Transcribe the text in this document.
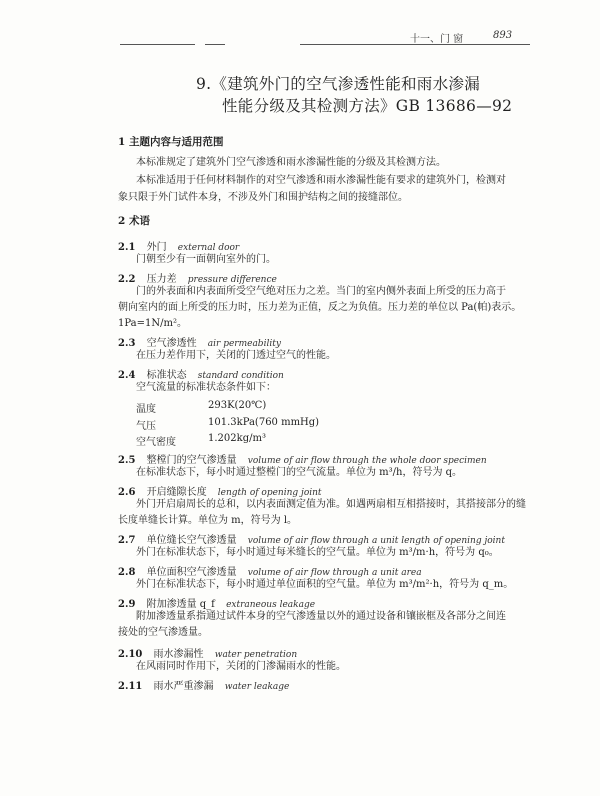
十一、门 窗	893
9.《建筑外门的空气渗透性能和雨水渗漏
性能分级及其检测方法》GB 13686—92
1 主题内容与适用范围
本标准规定了建筑外门空气渗透和雨水渗漏性能的分级及其检测方法。
本标准适用于任何材料制作的对空气渗透和雨水渗漏性能有要求的建筑外门，检测对
象只限于外门试件本身，不涉及外门和围护结构之间的接缝部位。
2 术语
2.1 外门 external door
门朝至少有一面朝向室外的门。
2.2 压力差 pressure difference
门的外表面和内表面所受空气绝对压力之差。当门的室内侧外表面上所受的压力高于
朝向室内的面上所受的压力时，压力差为正值，反之为负值。压力差的单位以 Pa(帕)表示。
1Pa=1N/m²。
2.3 空气渗透性 air permeability
在压力差作用下，关闭的门透过空气的性能。
2.4 标准状态 standard condition
空气流量的标准状态条件如下：
温度	293K(20℃)
气压	101.3kPa(760 mmHg)
空气密度	1.202kg/m³
2.5 整樘门的空气渗透量 volume of air flow through the whole door specimen
在标准状态下，每小时通过整樘门的空气流量。单位为 m³/h，符号为 q。
2.6 开启缝隙长度 length of opening joint
外门开启扇周长的总和，以内表面测定值为准。如遇两扇相互相搭接时，其搭接部分的缝
长度单缝长计算。单位为 m，符号为 l。
2.7 单位缝长空气渗透量 volume of air flow through a unit length of opening joint
外门在标准状态下，每小时通过每米缝长的空气量。单位为 m³/m·h，符号为 q₀。
2.8 单位面积空气渗透量 volume of air flow through a unit area
外门在标准状态下，每小时通过单位面积的空气量。单位为 m³/m²·h，符号为 q_m。
2.9 附加渗透量 q_f extraneous leakage
附加渗透量系指通过试件本身的空气渗透量以外的通过设备和镶嵌框及各部分之间连
接处的空气渗透量。
2.10 雨水渗漏性 water penetration
在风雨同时作用下，关闭的门渗漏雨水的性能。
2.11 雨水严重渗漏 water leakage
